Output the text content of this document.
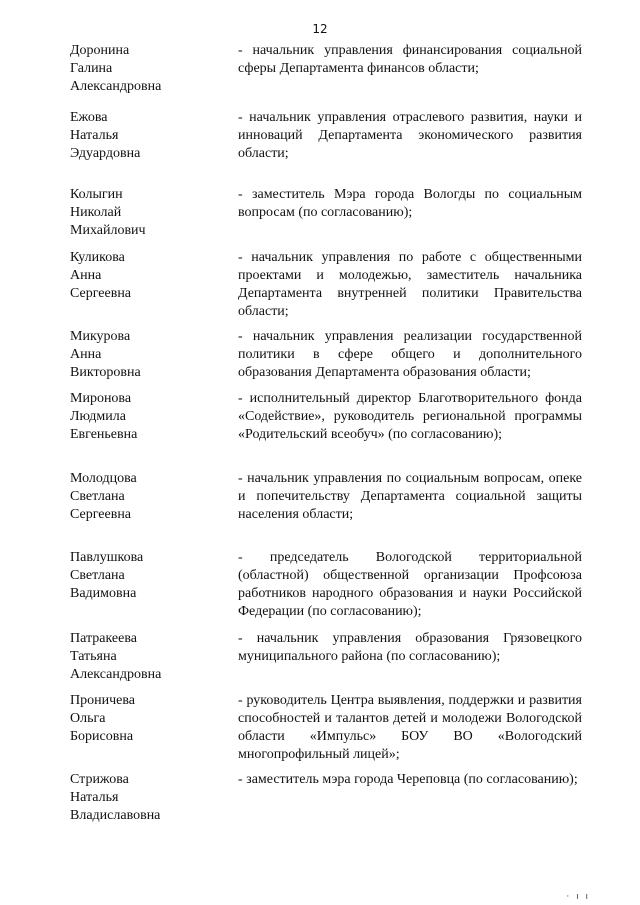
12
Доронина
Галина
Александровна
- начальник управления финансирования социальной сферы Департамента финансов области;
Ежова
Наталья
Эдуардовна
- начальник управления отраслевого развития, науки и инноваций Департамента экономического развития области;
Колыгин
Николай
Михайлович
- заместитель Мэра города Вологды по социальным вопросам (по согласованию);
Куликова
Анна
Сергеевна
- начальник управления по работе с общественными проектами и молодежью, заместитель начальника Департамента внутренней политики Правительства области;
Микурова
Анна
Викторовна
- начальник управления реализации государственной политики в сфере общего и дополнительного образования Департамента образования области;
Миронова
Людмила
Евгеньевна
- исполнительный директор Благотворительного фонда «Содействие», руководитель региональной программы «Родительский всеобуч» (по согласованию);
Молодцова
Светлана
Сергеевна
- начальник управления по социальным вопросам, опеке и попечительству Департамента социальной защиты населения области;
Павлушкова
Светлана
Вадимовна
- председатель Вологодской территориальной (областной) общественной организации Профсоюза работников народного образования и науки Российской Федерации (по согласованию);
Патракеева
Татьяна
Александровна
- начальник управления образования Грязовецкого муниципального района (по согласованию);
Проничева
Ольга
Борисовна
- руководитель Центра выявления, поддержки и развития способностей и талантов детей и молодежи Вологодской области «Импульс» БОУ ВО «Вологодский многопрофильный лицей»;
Стрижова
Наталья
Владиславовна
- заместитель мэра города Череповца (по согласованию);
· ı ı
